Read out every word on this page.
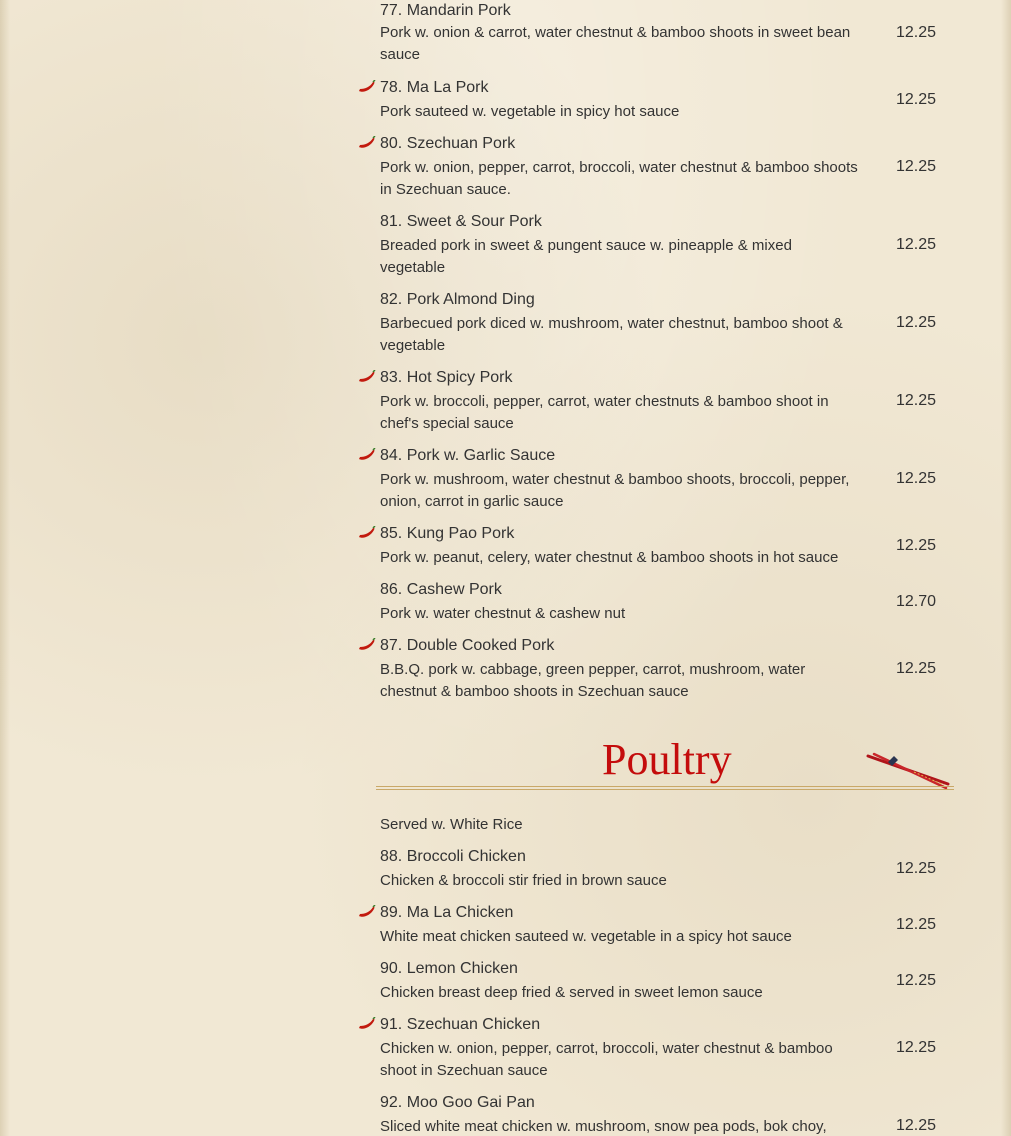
77. Mandarin Pork
Pork w. onion & carrot, water chestnut & bamboo shoots in sweet bean sauce
12.25
78. Ma La Pork
Pork sauteed w. vegetable in spicy hot sauce
12.25
80. Szechuan Pork
Pork w. onion, pepper, carrot, broccoli, water chestnut & bamboo shoots in Szechuan sauce.
12.25
81. Sweet & Sour Pork
Breaded pork in sweet & pungent sauce w. pineapple & mixed vegetable
12.25
82. Pork Almond Ding
Barbecued pork diced w. mushroom, water chestnut, bamboo shoot & vegetable
12.25
83. Hot Spicy Pork
Pork w. broccoli, pepper, carrot, water chestnuts & bamboo shoot in chef's special sauce
12.25
84. Pork w. Garlic Sauce
Pork w. mushroom, water chestnut & bamboo shoots, broccoli, pepper, onion, carrot in garlic sauce
12.25
85. Kung Pao Pork
Pork w. peanut, celery, water chestnut & bamboo shoots in hot sauce
12.25
86. Cashew Pork
Pork w. water chestnut & cashew nut
12.70
87. Double Cooked Pork
B.B.Q. pork w. cabbage, green pepper, carrot, mushroom, water chestnut & bamboo shoots in Szechuan sauce
12.25
Poultry
Served w. White Rice
88. Broccoli Chicken
Chicken & broccoli stir fried in brown sauce
12.25
89. Ma La Chicken
White meat chicken sauteed w. vegetable in a spicy hot sauce
12.25
90. Lemon Chicken
Chicken breast deep fried & served in sweet lemon sauce
12.25
91. Szechuan Chicken
Chicken w. onion, pepper, carrot, broccoli, water chestnut & bamboo shoot in Szechuan sauce
12.25
92. Moo Goo Gai Pan
Sliced white meat chicken w. mushroom, snow pea pods, bok choy,	12.25
